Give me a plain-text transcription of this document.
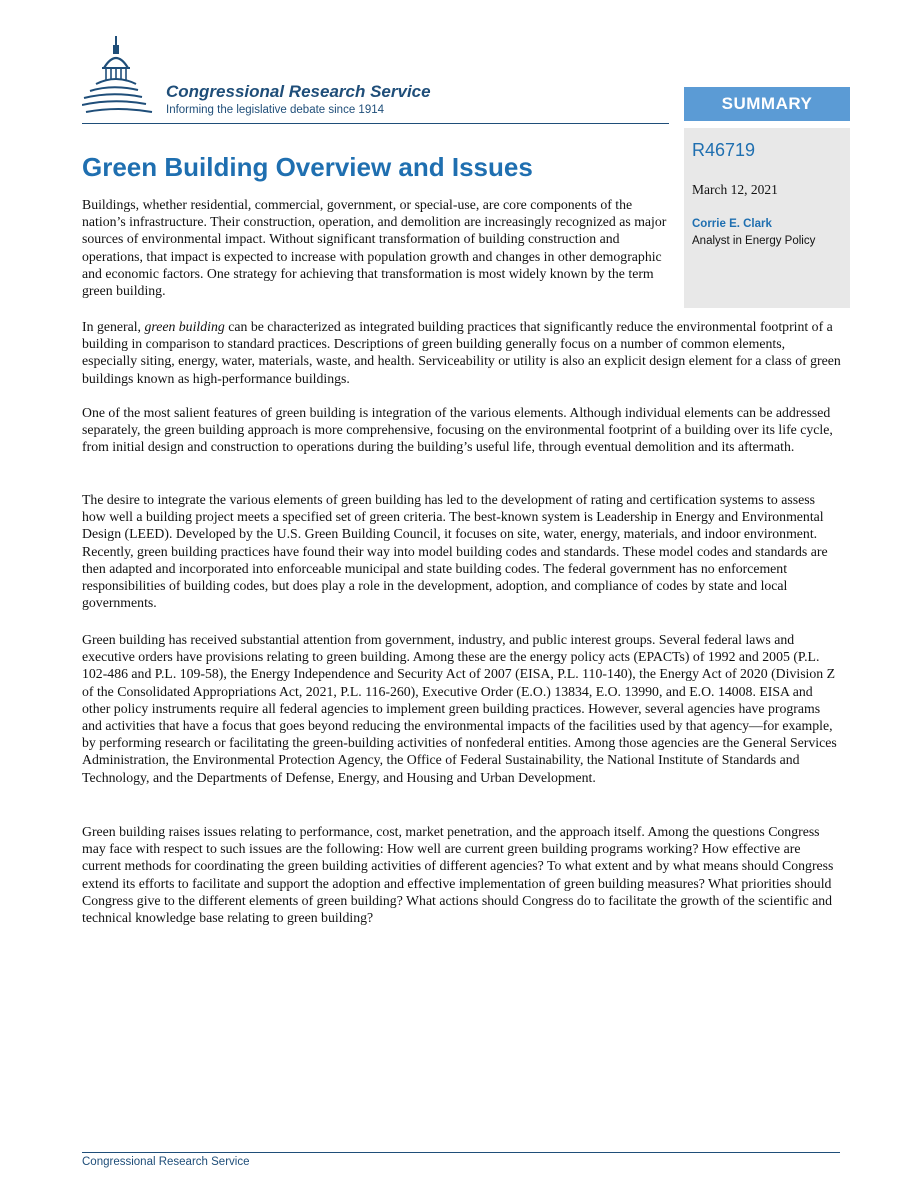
Congressional Research Service
Informing the legislative debate since 1914	SUMMARY
R46719
March 12, 2021
Corrie E. Clark
Analyst in Energy Policy
Green Building Overview and Issues

Buildings, whether residential, commercial, government, or special-use, are core components of the nation’s infrastructure. Their construction, operation, and demolition are increasingly recognized as major sources of environmental impact. Without significant transformation of building construction and operations, that impact is expected to increase with population growth and changes in other demographic and economic factors. One strategy for achieving that transformation is most widely known by the term green building.

In general, green building can be characterized as integrated building practices that significantly reduce the environmental footprint of a building in comparison to standard practices. Descriptions of green building generally focus on a number of common elements, especially siting, energy, water, materials, waste, and health. Serviceability or utility is also an explicit design element for a class of green buildings known as high-performance buildings.

One of the most salient features of green building is integration of the various elements. Although individual elements can be addressed separately, the green building approach is more comprehensive, focusing on the environmental footprint of a building over its life cycle, from initial design and construction to operations during the building’s useful life, through eventual demolition and its aftermath.

The desire to integrate the various elements of green building has led to the development of rating and certification systems to assess how well a building project meets a specified set of green criteria. The best-known system is Leadership in Energy and Environmental Design (LEED). Developed by the U.S. Green Building Council, it focuses on site, water, energy, materials, and indoor environment. Recently, green building practices have found their way into model building codes and standards. These model codes and standards are then adapted and incorporated into enforceable municipal and state building codes. The federal government has no enforcement responsibilities of building codes, but does play a role in the development, adoption, and compliance of codes by state and local governments.

Green building has received substantial attention from government, industry, and public interest groups. Several federal laws and executive orders have provisions relating to green building. Among these are the energy policy acts (EPACTs) of 1992 and 2005 (P.L. 102-486 and P.L. 109-58), the Energy Independence and Security Act of 2007 (EISA, P.L. 110-140), the Energy Act of 2020 (Division Z of the Consolidated Appropriations Act, 2021, P.L. 116-260), Executive Order (E.O.) 13834, E.O. 13990, and E.O. 14008. EISA and other policy instruments require all federal agencies to implement green building practices. However, several agencies have programs and activities that have a focus that goes beyond reducing the environmental impacts of the facilities used by that agency—for example, by performing research or facilitating the green-building activities of nonfederal entities. Among those agencies are the General Services Administration, the Environmental Protection Agency, the Office of Federal Sustainability, the National Institute of Standards and Technology, and the Departments of Defense, Energy, and Housing and Urban Development.

Green building raises issues relating to performance, cost, market penetration, and the approach itself. Among the questions Congress may face with respect to such issues are the following: How well are current green building programs working? How effective are current methods for coordinating the green building activities of different agencies? To what extent and by what means should Congress extend its efforts to facilitate and support the adoption and effective implementation of green building measures? What priorities should Congress give to the different elements of green building? What actions should Congress do to facilitate the growth of the scientific and technical knowledge base relating to green building?

Congressional Research Service
